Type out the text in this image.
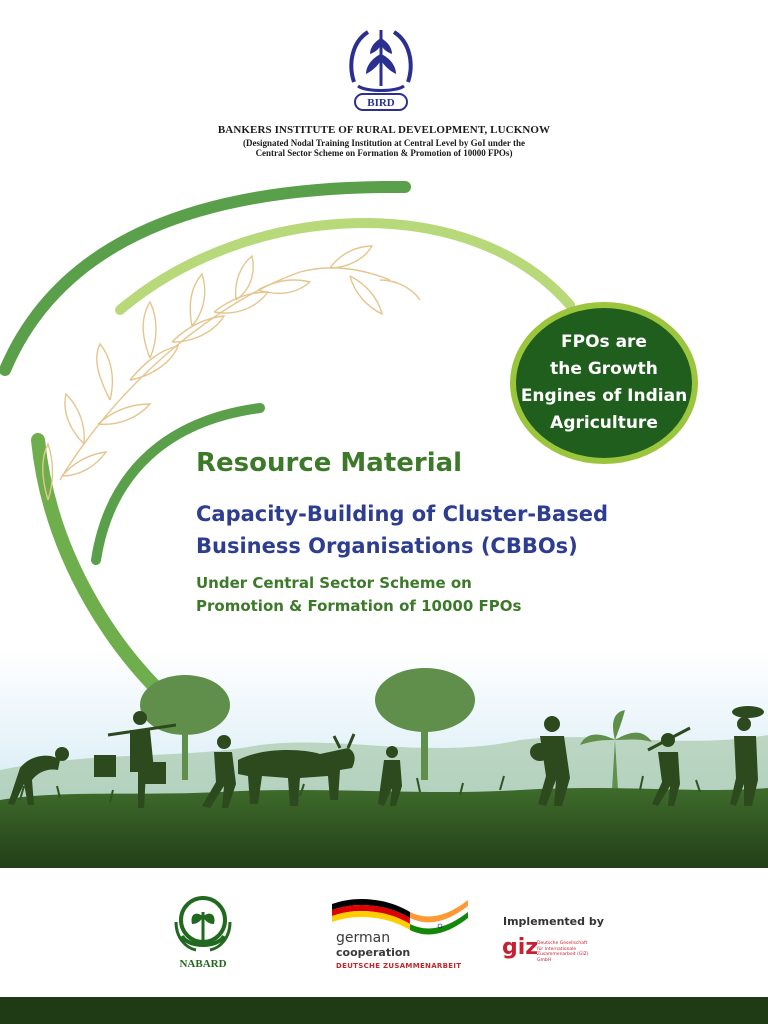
BIRD
BANKERS INSTITUTE OF RURAL DEVELOPMENT, LUCKNOW
(Designated Nodal Training Institution at Central Level by GoI under the
Central Sector Scheme on Formation & Promotion of 10000 FPOs)
FPOs are
the Growth
Engines of Indian
Agriculture
Resource Material
Capacity-Building of Cluster-Based
Business Organisations (CBBOs)
Under Central Sector Scheme on
Promotion & Formation of 10000 FPOs
NABARD
german
cooperation
DEUTSCHE ZUSAMMENARBEIT
Implemented by
giz
Deutsche Gesellschaft
für Internationale
Zusammenarbeit (GIZ) GmbH
